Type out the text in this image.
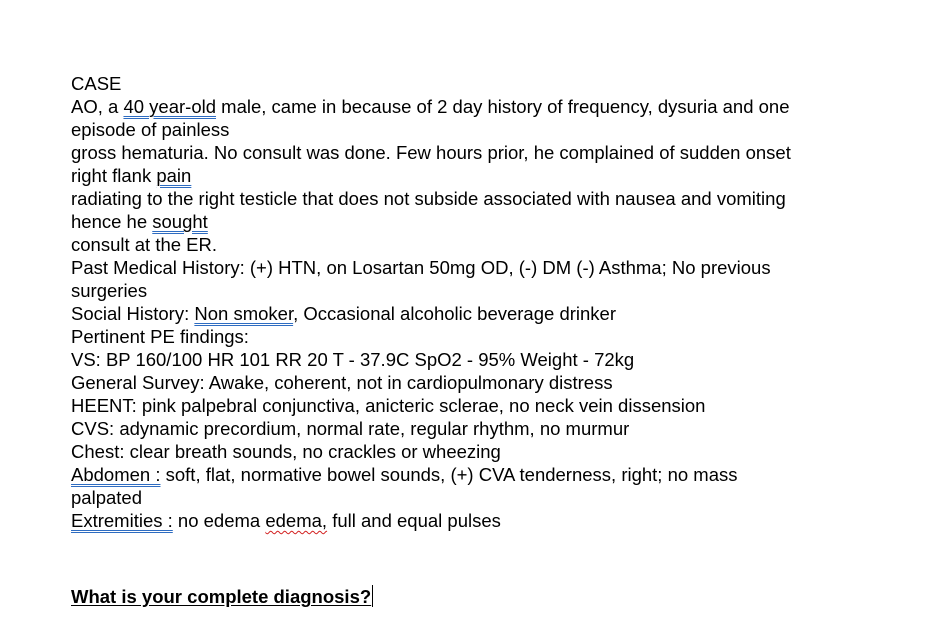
CASE
AO, a 40 year-old male, came in because of 2 day history of frequency, dysuria and one
episode of painless
gross hematuria. No consult was done. Few hours prior, he complained of sudden onset
right flank pain
radiating to the right testicle that does not subside associated with nausea and vomiting
hence he sought
consult at the ER.
Past Medical History: (+) HTN, on Losartan 50mg OD, (-) DM (-) Asthma; No previous
surgeries
Social History: Non smoker, Occasional alcoholic beverage drinker
Pertinent PE findings:
VS: BP 160/100 HR 101 RR 20 T - 37.9C SpO2 - 95% Weight - 72kg
General Survey: Awake, coherent, not in cardiopulmonary distress
HEENT: pink palpebral conjunctiva, anicteric sclerae, no neck vein dissension
CVS: adynamic precordium, normal rate, regular rhythm, no murmur
Chest: clear breath sounds, no crackles or wheezing
Abdomen : soft, flat, normative bowel sounds, (+) CVA tenderness, right; no mass
palpated
Extremities : no edema edema, full and equal pulses
What is your complete diagnosis?
